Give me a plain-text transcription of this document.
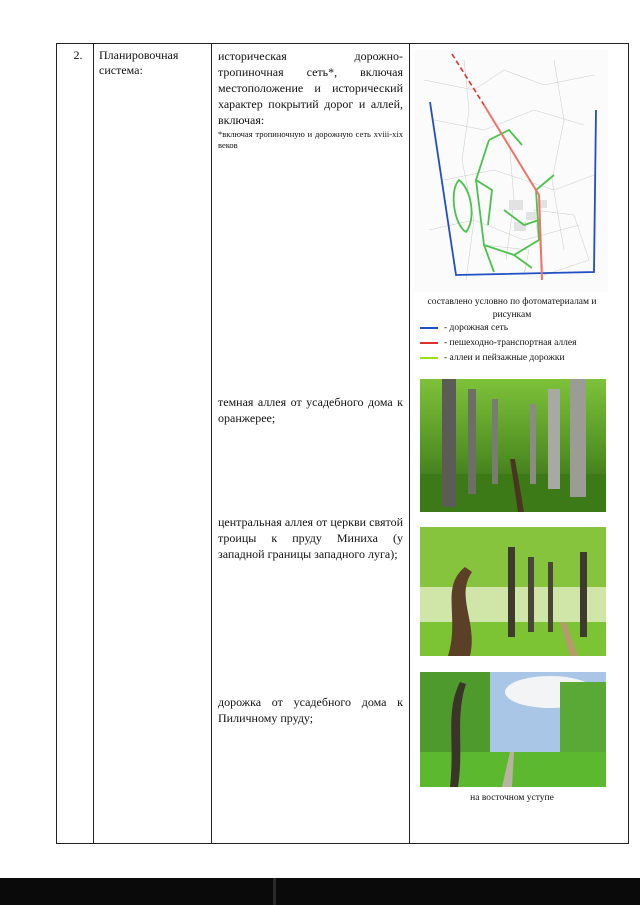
2.	Планировочная система:
историческая дорожно-тропиночная сеть*, включая местоположение и исторический характер покрытий дорог и аллей, включая:
*включая тропиночную и дорожную сеть xviii-xix веков
темная аллея от усадебного дома к оранжерее;
центральная аллея от церкви святой троицы к пруду Миниха (у западной границы западного луга);
дорожка от усадебного дома к Пиличному пруду;
составлено условно по фотоматериалам и рисункам
- дорожная сеть
- пешеходно-транспортная аллея
- аллеи и пейзажные дорожки
на восточном уступе
